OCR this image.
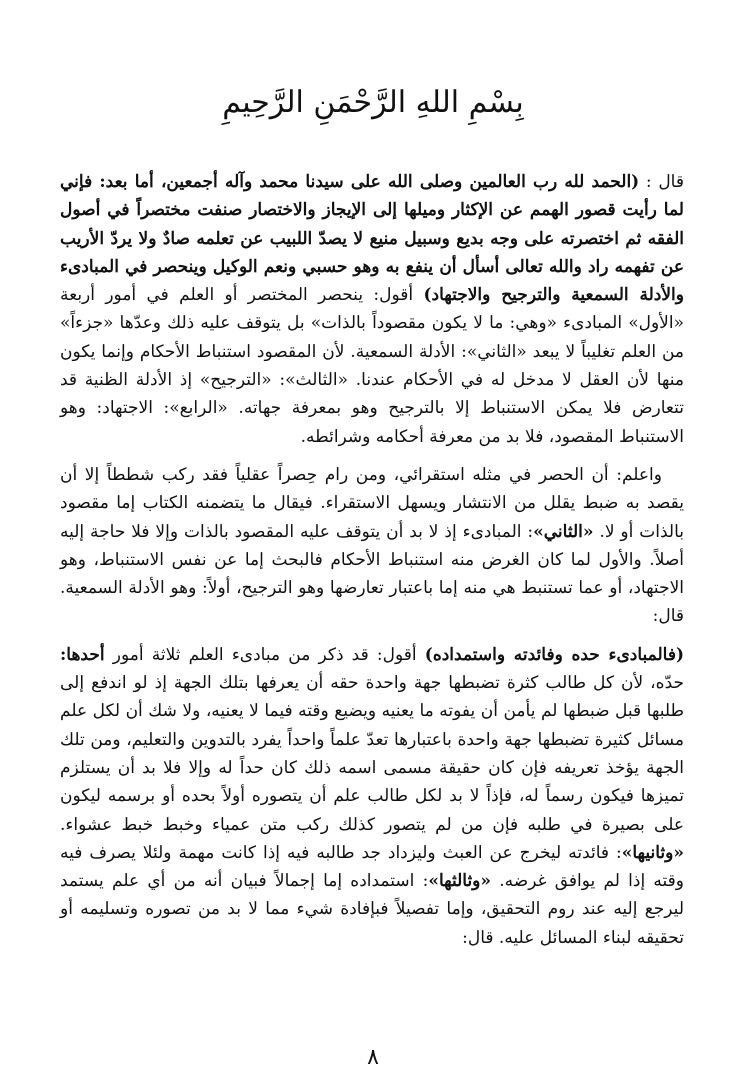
بِسْمِ اللهِ الرَّحْمَنِ الرَّحِيمِ

قال : (الحمد لله رب العالمين وصلى الله على سيدنا محمد وآله أجمعين، أما بعد: فإني لما رأيت قصور الهمم عن الإكثار وميلها إلى الإيجاز والاختصار صنفت مختصراً في أصول الفقه ثم اختصرته على وجه بديع وسبيل منيع لا يصدّ اللبيب عن تعلمه صادٌ ولا يردّ الأريب عن تفهمه راد والله تعالى أسأل أن ينفع به وهو حسبي ونعم الوكيل وينحصر في المبادىء والأدلة السمعية والترجيح والاجتهاد) أقول: ينحصر المختصر أو العلم في أمور أربعة «الأول» المبادىء «وهي: ما لا يكون مقصوداً بالذات» بل يتوقف عليه ذلك وعدّها «جزءاً» من العلم تغليباً لا يبعد «الثاني»: الأدلة السمعية. لأن المقصود استنباط الأحكام وإنما يكون منها لأن العقل لا مدخل له في الأحكام عندنا. «الثالث»: «الترجيح» إذ الأدلة الظنية قد تتعارض فلا يمكن الاستنباط إلا بالترجيح وهو بمعرفة جهاته. «الرابع»: الاجتهاد: وهو الاستنباط المقصود، فلا بد من معرفة أحكامه وشرائطه.

واعلم: أن الحصر في مثله استقرائي، ومن رام حِصراً عقلياً فقد ركب شططاً إلا أن يقصد به ضبط يقلل من الانتشار ويسهل الاستقراء. فيقال ما يتضمنه الكتاب إما مقصود بالذات أو لا. «الثاني»: المبادىء إذ لا بد أن يتوقف عليه المقصود بالذات وإلا فلا حاجة إليه أصلاً. والأول لما كان الغرض منه استنباط الأحكام فالبحث إما عن نفس الاستنباط، وهو الاجتهاد، أو عما تستنبط هي منه إما باعتبار تعارضها وهو الترجيح، أولاً: وهو الأدلة السمعية. قال:

(فالمبادىء حده وفائدته واستمداده) أقول: قد ذكر من مبادىء العلم ثلاثة أمور أحدها: حدّه، لأن كل طالب كثرة تضبطها جهة واحدة حقه أن يعرفها بتلك الجهة إذ لو اندفع إلى طلبها قبل ضبطها لم يأمن أن يفوته ما يعنيه ويضيع وقته فيما لا يعنيه، ولا شك أن لكل علم مسائل كثيرة تضبطها جهة واحدة باعتبارها تعدّ علماً واحداً يفرد بالتدوين والتعليم، ومن تلك الجهة يؤخذ تعريفه فإن كان حقيقة مسمى اسمه ذلك كان حداً له وإلا فلا بد أن يستلزم تميزها فيكون رسماً له، فإذاً لا بد لكل طالب علم أن يتصوره أولاً بحده أو برسمه ليكون على بصيرة في طلبه فإن من لم يتصور كذلك ركب متن عمياء وخبط خبط عشواء. «وثانيها»: فائدته ليخرج عن العبث وليزداد جد طالبه فيه إذا كانت مهمة ولئلا يصرف فيه وقته إذا لم يوافق غرضه. «وثالثها»: استمداده إما إجمالاً فبيان أنه من أي علم يستمد ليرجع إليه عند روم التحقيق، وإما تفصيلاً فبإفادة شيء مما لا بد من تصوره وتسليمه أو تحقيقه لبناء المسائل عليه. قال:

٨
